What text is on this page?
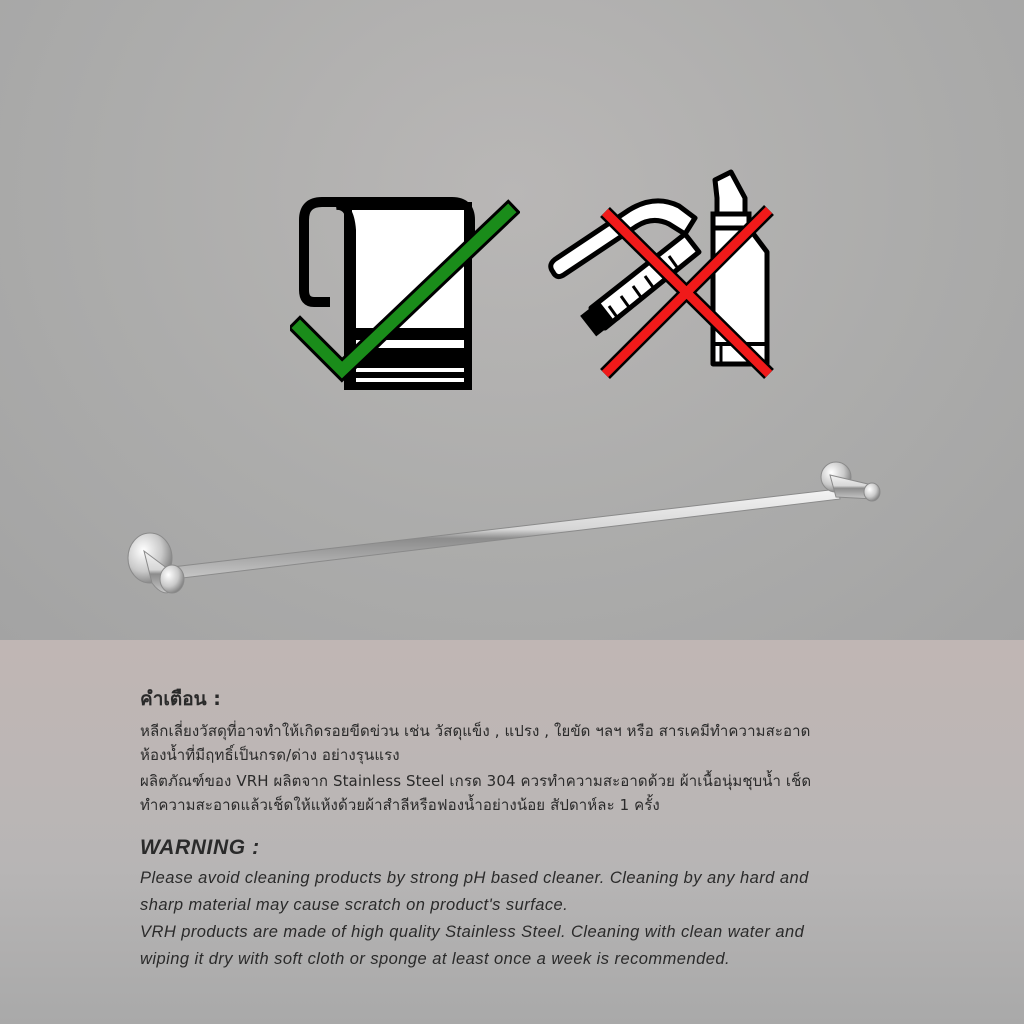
คำเตือน :

หลีกเลี่ยงวัสดุที่อาจทำให้เกิดรอยขีดข่วน เช่น วัสดุแข็ง , แปรง , ใยขัด ฯลฯ หรือ สารเคมีทำความสะอาด

ห้องน้ำที่มีฤทธิ์เป็นกรด/ด่าง อย่างรุนแรง

ผลิตภัณฑ์ของ VRH ผลิตจาก Stainless Steel เกรด 304 ควรทำความสะอาดด้วย ผ้าเนื้อนุ่มชุบน้ำ เช็ด

ทำความสะอาดแล้วเช็ดให้แห้งด้วยผ้าสำลีหรือฟองน้ำอย่างน้อย สัปดาห์ละ 1 ครั้ง

WARNING :

Please avoid cleaning products by strong pH based cleaner. Cleaning by any hard and

sharp material may cause scratch on product's surface.

VRH products are made of high quality Stainless Steel. Cleaning with clean water and

wiping it dry with soft cloth or sponge at least once a week is recommended.
